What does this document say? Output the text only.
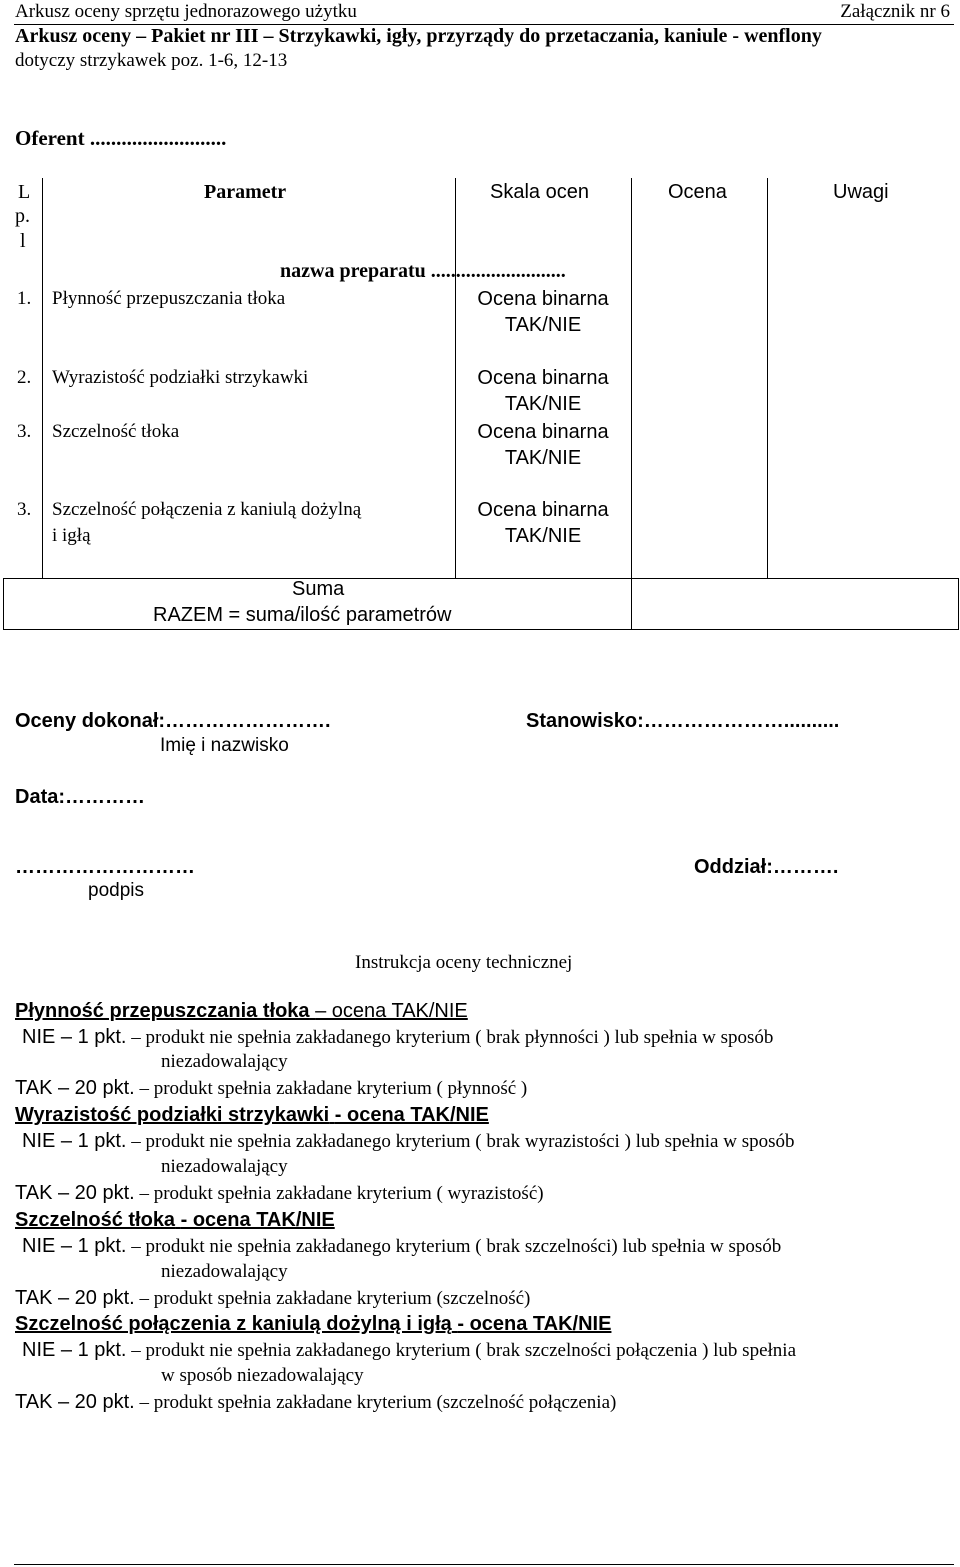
Arkusz oceny sprzętu jednorazowego użytku	Załącznik nr 6
Arkusz oceny – Pakiet nr III – Strzykawki, igły, przyrządy do przetaczania, kaniule - wenflony
dotyczy strzykawek poz. 1-6, 12-13
Oferent ..........................
L
p.
l
Parametr	Skala ocen	Ocena	Uwagi
nazwa preparatu ...........................
1. Płynność przepuszczania tłoka	Ocena binarna
TAK/NIE
2. Wyrazistość podziałki strzykawki	Ocena binarna
TAK/NIE
3. Szczelność tłoka	Ocena binarna
TAK/NIE
3. Szczelność połączenia z kaniulą dożylną
i igłą
Ocena binarna
TAK/NIE
Suma
RAZEM = suma/ilość parametrów
Oceny dokonał:…………………….
Imię i nazwisko
Stanowisko:…………………..........
Data:…………
………………………
podpis
Oddział:……….
Instrukcja oceny technicznej
Płynność przepuszczania tłoka – ocena TAK/NIE
NIE – 1 pkt. – produkt nie spełnia zakładanego kryterium ( brak płynności ) lub spełnia w sposób
niezadowalający
TAK – 20 pkt. – produkt spełnia zakładane kryterium ( płynność )
Wyrazistość podziałki strzykawki - ocena TAK/NIE
NIE – 1 pkt. – produkt nie spełnia zakładanego kryterium ( brak wyrazistości ) lub spełnia w sposób
niezadowalający
TAK – 20 pkt. – produkt spełnia zakładane kryterium ( wyrazistość)
Szczelność tłoka - ocena TAK/NIE
NIE – 1 pkt. – produkt nie spełnia zakładanego kryterium ( brak szczelności) lub spełnia w sposób
niezadowalający
TAK – 20 pkt. – produkt spełnia zakładane kryterium (szczelność)
Szczelność połączenia z kaniulą dożylną i igłą - ocena TAK/NIE
NIE – 1 pkt. – produkt nie spełnia zakładanego kryterium ( brak szczelności połączenia ) lub spełnia
w sposób niezadowalający
TAK – 20 pkt. – produkt spełnia zakładane kryterium (szczelność połączenia)
